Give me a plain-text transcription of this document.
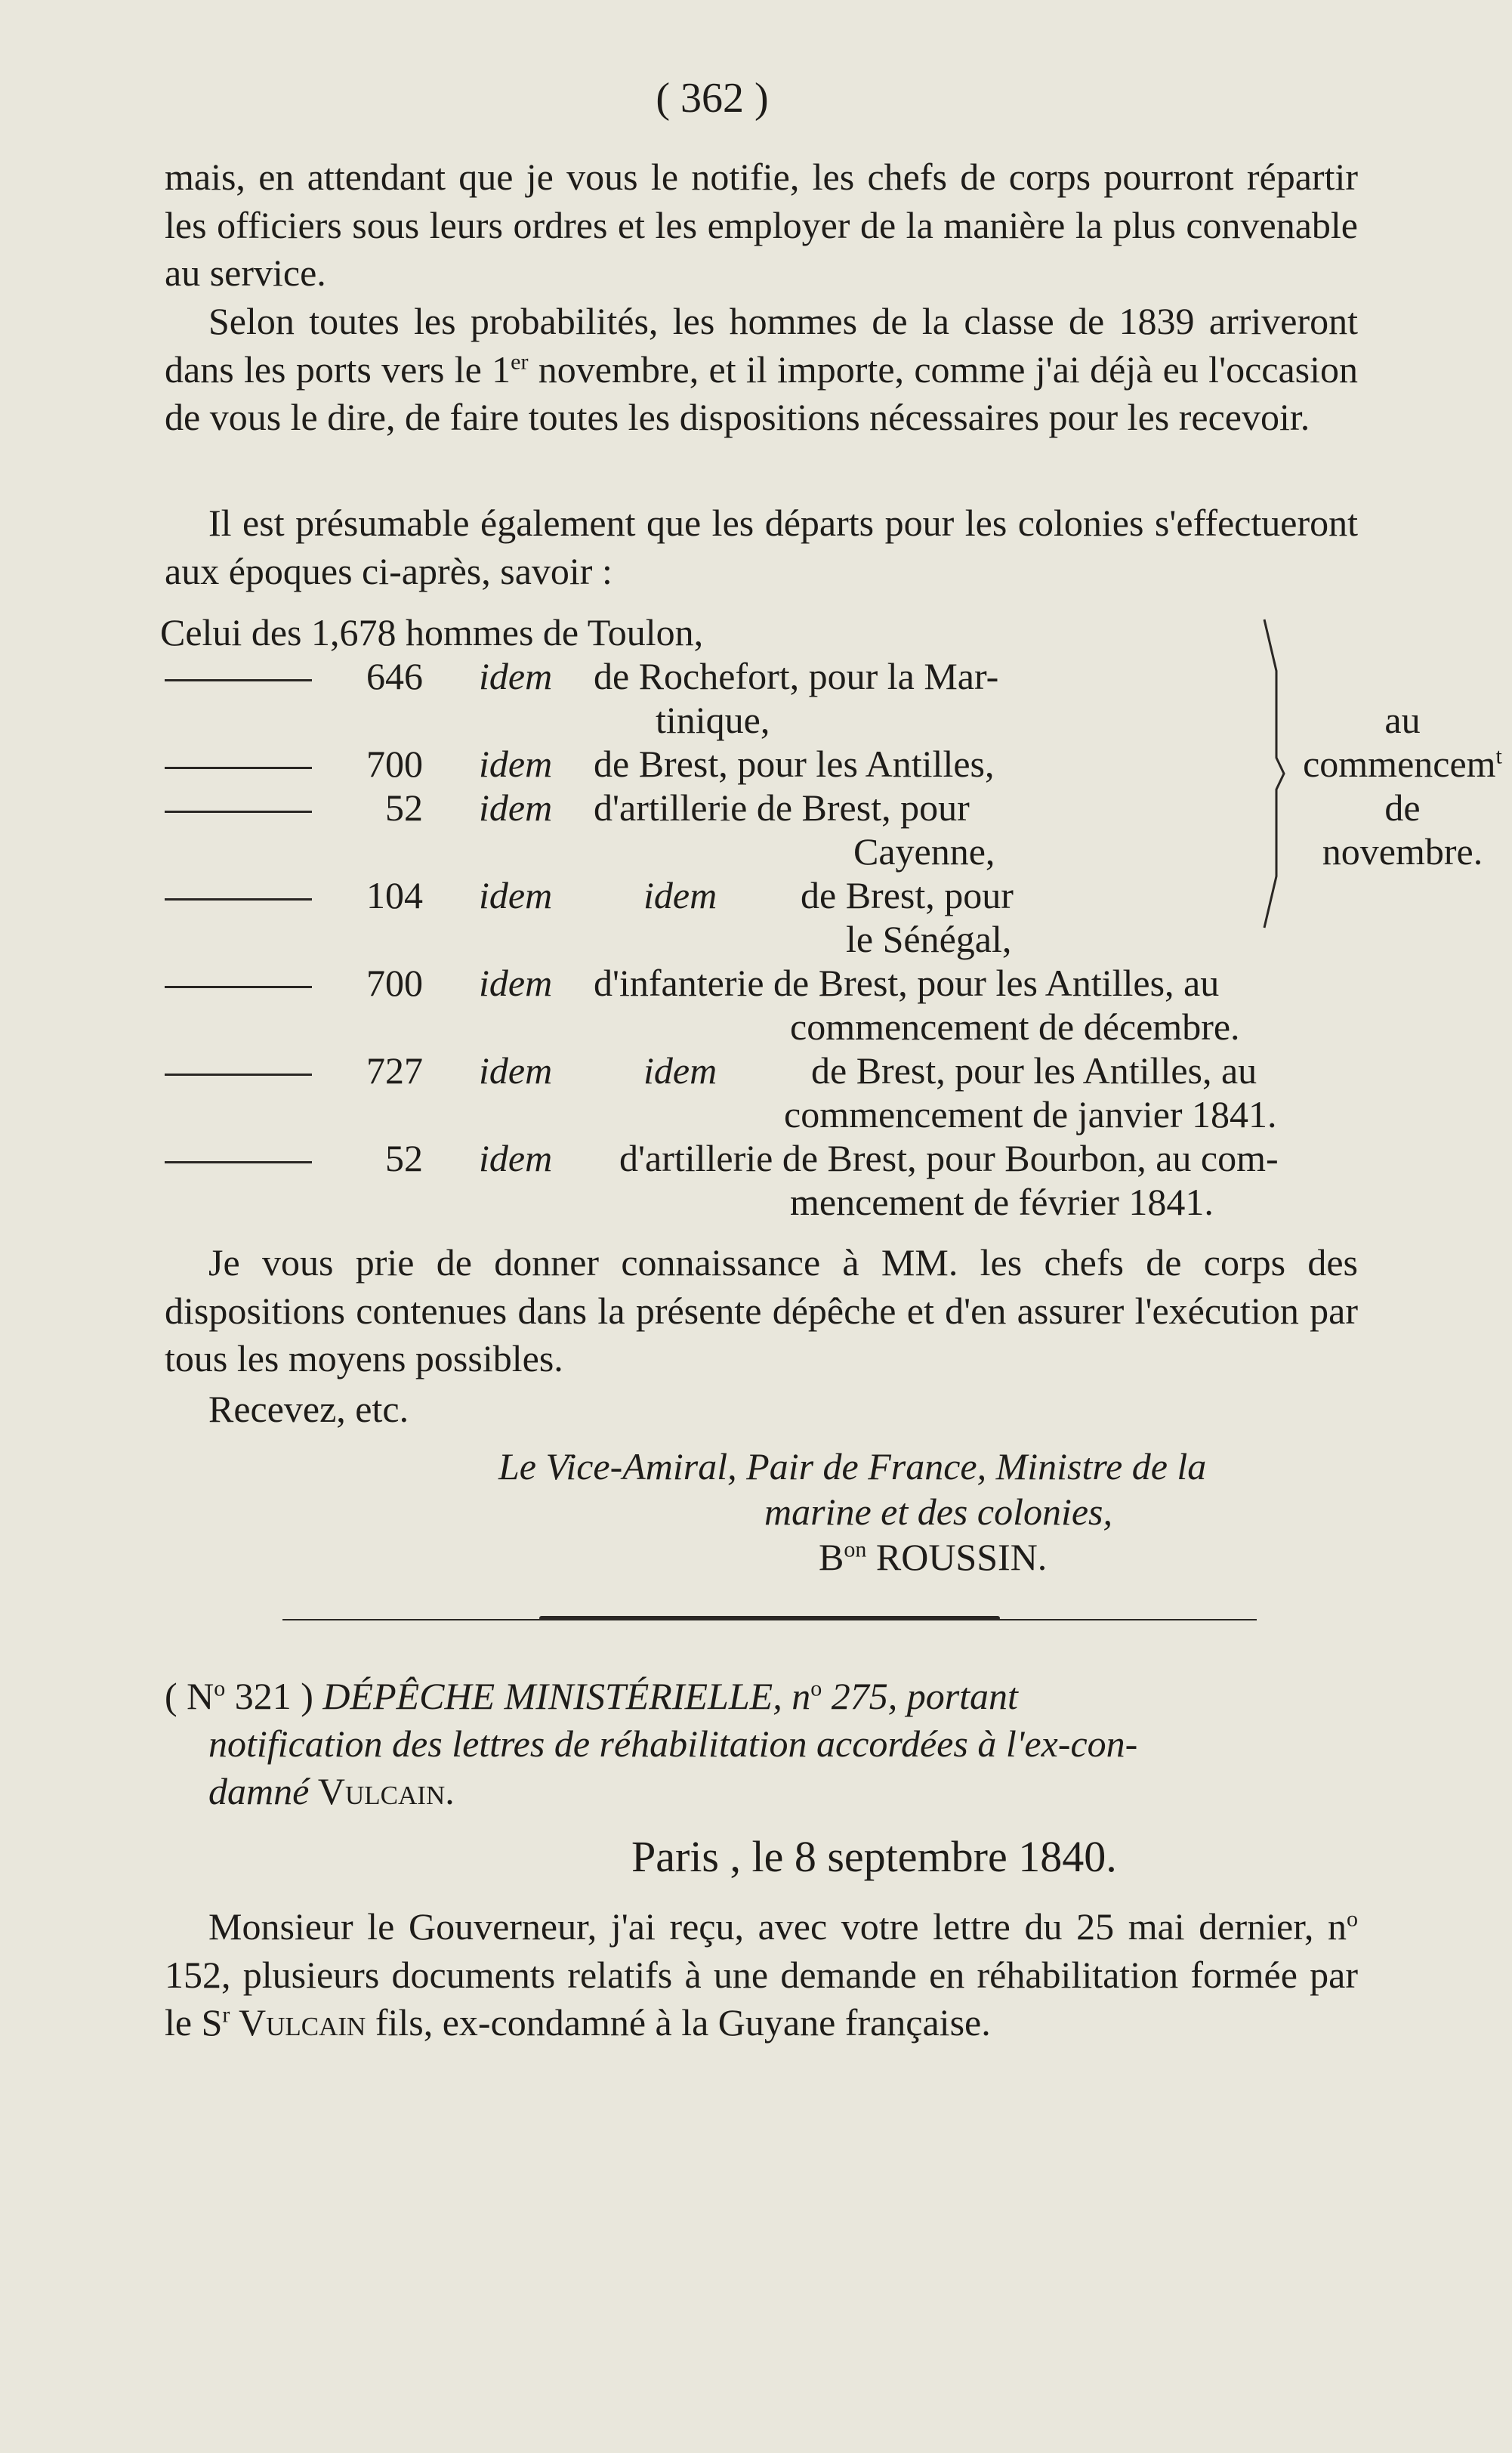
( 362 )

mais, en attendant que je vous le notifie, les chefs de corps pourront répartir les officiers sous leurs ordres et les employer de la manière la plus convenable au service.

Selon toutes les probabilités, les hommes de la classe de 1839 arriveront dans les ports vers le 1er novembre, et il importe, comme j'ai déjà eu l'occasion de vous le dire, de faire toutes les dispositions nécessaires pour les recevoir.

Il est présumable également que les départs pour les colonies s'effectueront aux époques ci-après, savoir :

Celui des 1,678 hommes de Toulon,
646 idem de Rochefort, pour la Mar-
tinique,
700 idem de Brest, pour les Antilles,
52 idem d'artillerie de Brest, pour
Cayenne,
104 idem idem de Brest, pour
le Sénégal,
au
commencem$^t$
de
novembre.
700 idem d'infanterie de Brest, pour les Antilles, au
commencement de décembre.
727 idem idem de Brest, pour les Antilles, au
commencement de janvier 1841.
52 idem d'artillerie de Brest, pour Bourbon, au com-
mencement de février 1841.

Je vous prie de donner connaissance à MM. les chefs de corps des dispositions contenues dans la présente dépêche et d'en assurer l'exécution par tous les moyens possibles.

Recevez, etc.

Le Vice-Amiral, Pair de France, Ministre de la
marine et des colonies,
$B^{on}$ ROUSSIN.
( $N^o$ 321 ) DÉPÊCHE MINISTÉRIELLE, $n^o$ 275, portant
notification des lettres de réhabilitation accordées à l'ex-con-
damné Vulcain.
Paris , le 8 septembre 1840.

Monsieur le Gouverneur, j'ai reçu, avec votre lettre du 25 mai dernier, $n^o$ 152, plusieurs documents relatifs à une demande en réhabilitation formée par le $S^r$ Vulcain fils, ex-condamné à la Guyane française.
